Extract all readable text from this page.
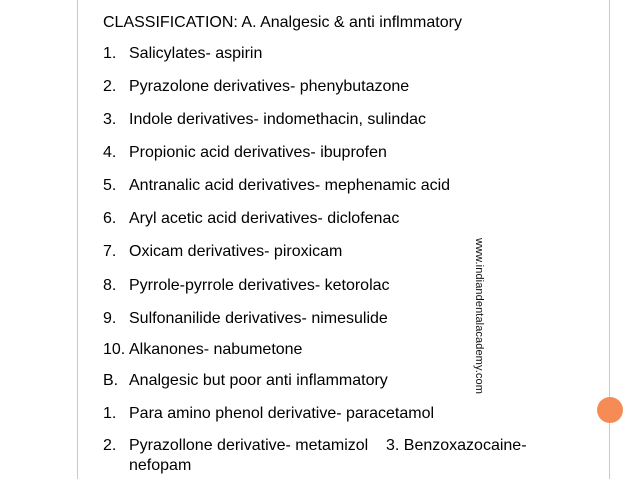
www.indiandentalacademy.com
CLASSIFICATION: A. Analgesic & anti inflmmatory
1. Salicylates- aspirin
2. Pyrazolone derivatives- phenybutazone
3. Indole derivatives- indomethacin, sulindac
4. Propionic acid derivatives- ibuprofen
5. Antranalic acid derivatives- mephenamic acid
6. Aryl acetic acid derivatives- diclofenac
7. Oxicam derivatives- piroxicam
8. Pyrrole-pyrrole derivatives- ketorolac
9. Sulfonanilide derivatives- nimesulide
10. Alkanones- nabumetone
B. Analgesic but poor anti inflammatory
1. Para amino phenol derivative- paracetamol
2. Pyrazollone derivative- metamizol    3. Benzoxazocaine- nefopam
